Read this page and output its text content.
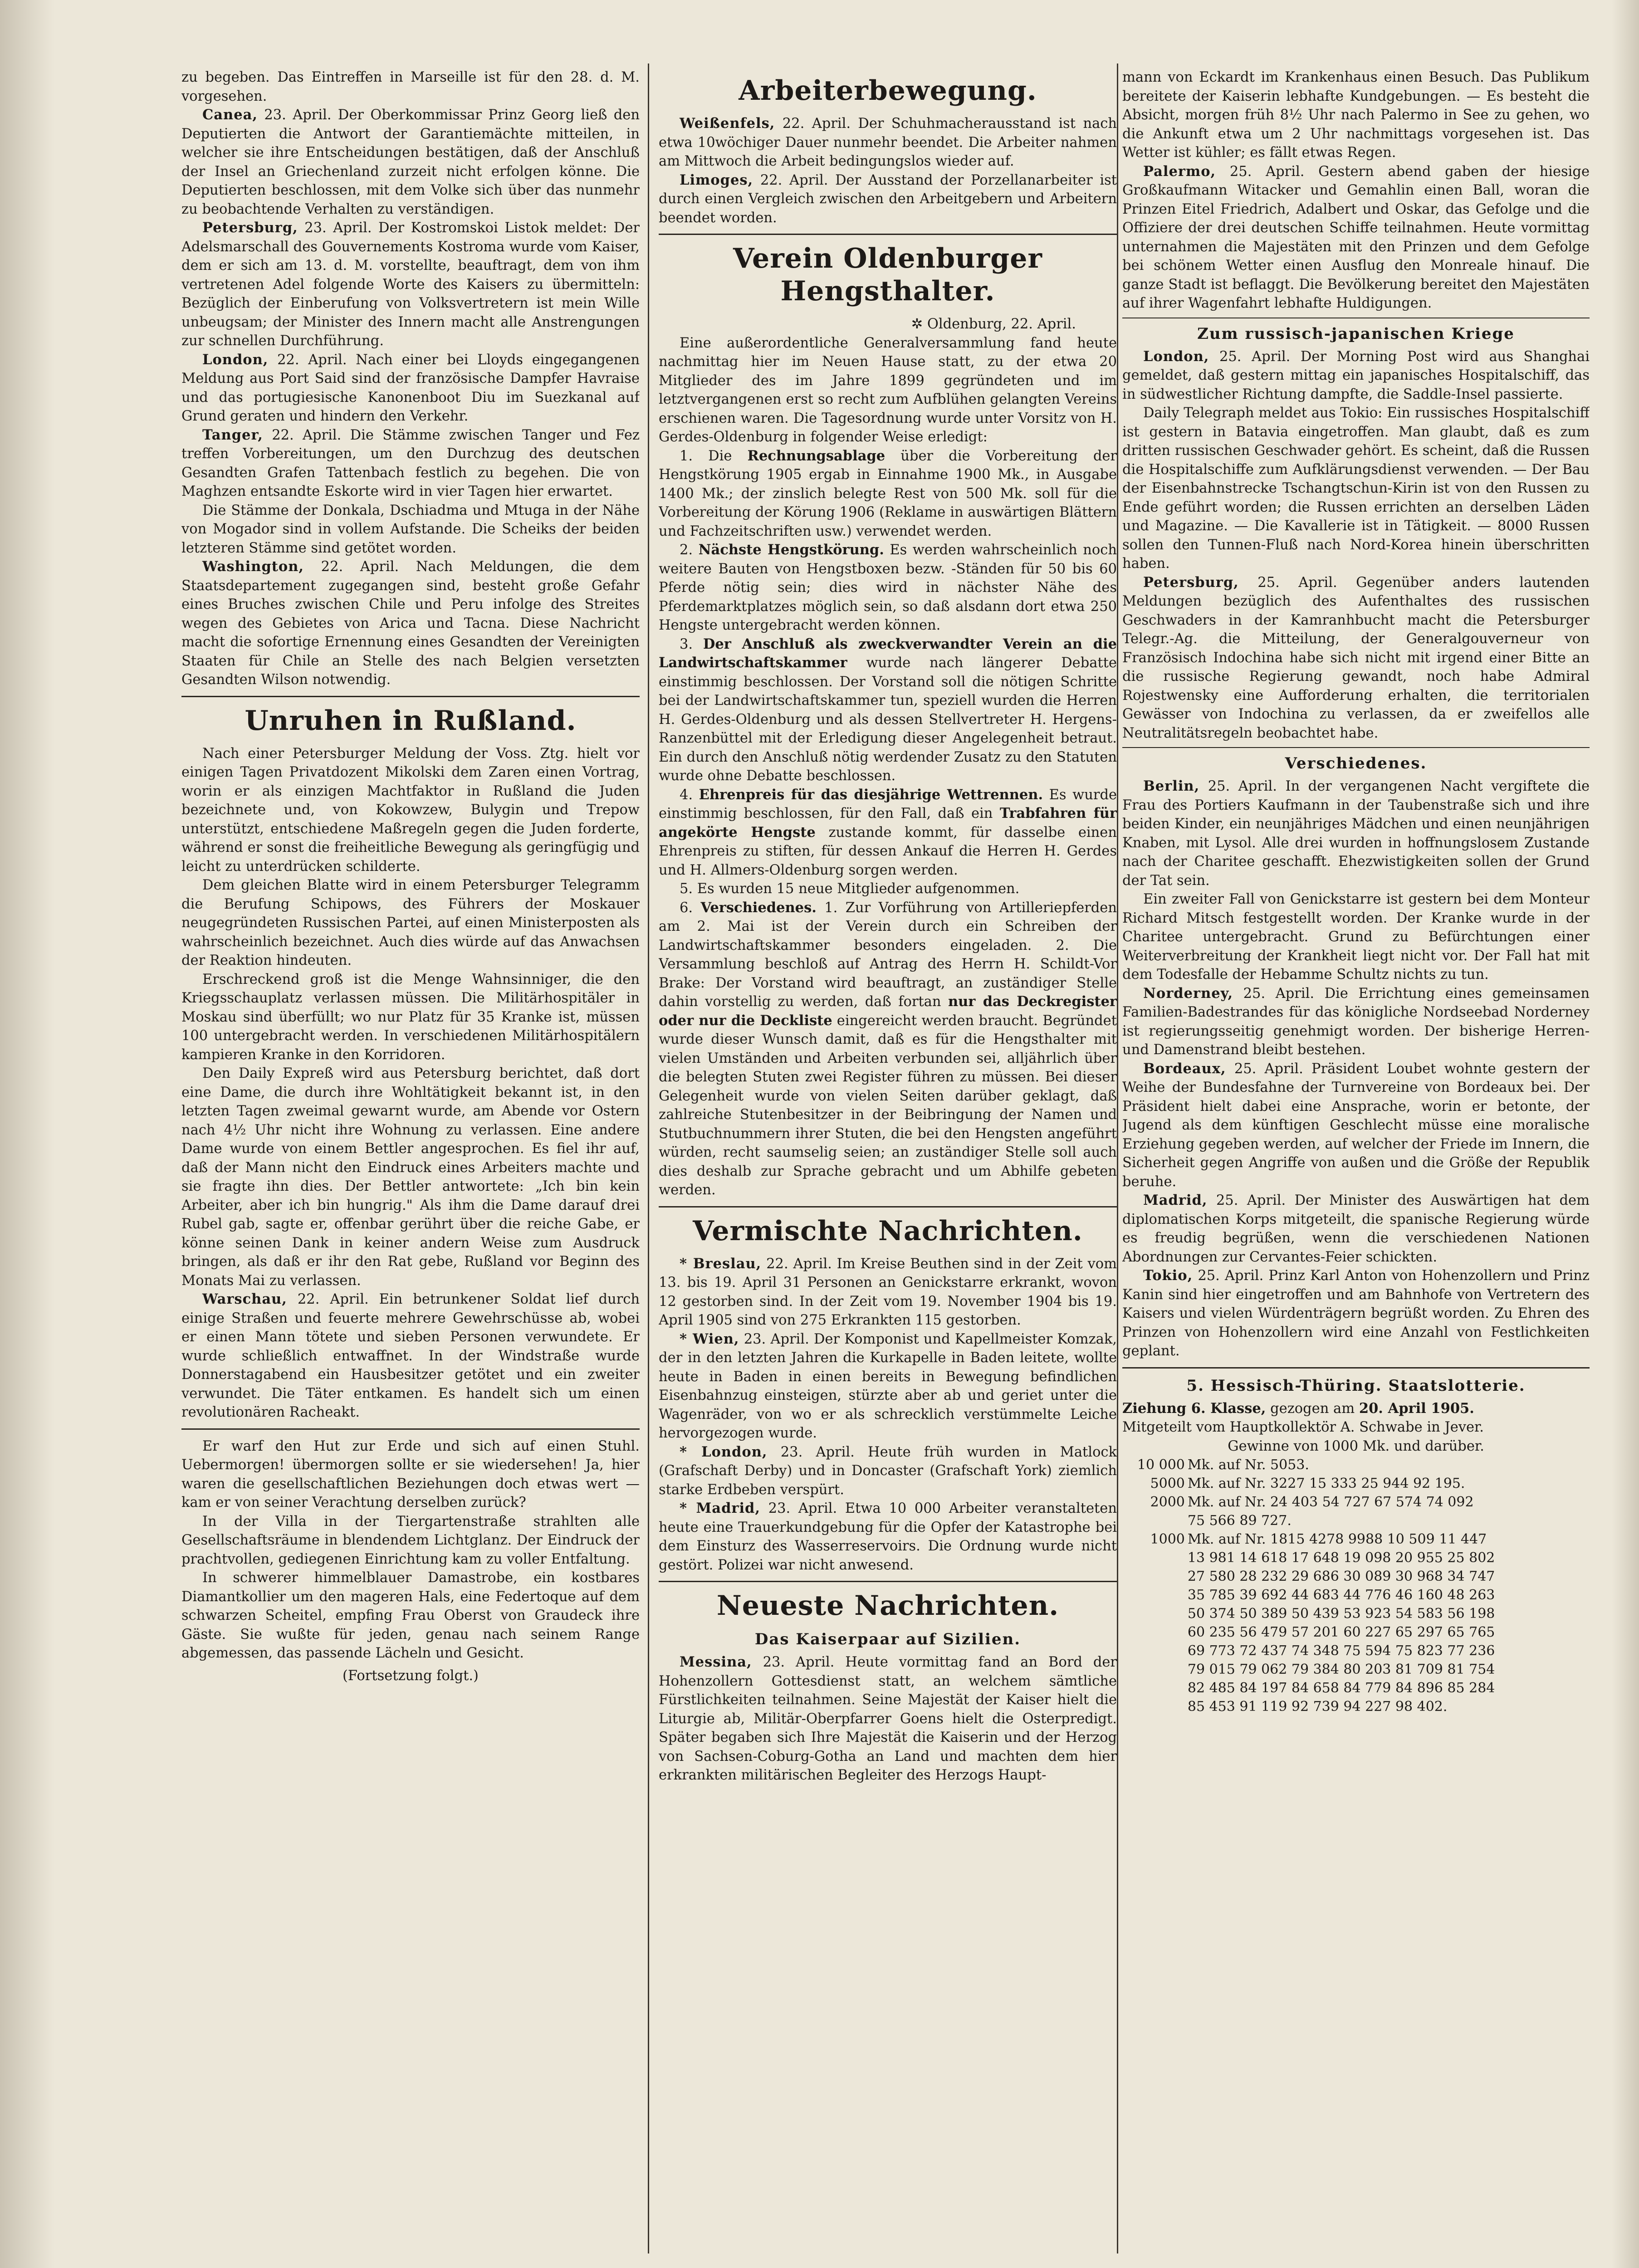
zu begeben. Das Eintreffen in Marseille ist für den 28. d. M. vorgesehen.

Canea, 23. April. Der Oberkommissar Prinz Georg ließ den Deputierten die Antwort der Garantiemächte mitteilen, in welcher sie ihre Entscheidungen bestätigen, daß der Anschluß der Insel an Griechenland zurzeit nicht erfolgen könne. Die Deputierten beschlossen, mit dem Volke sich über das nunmehr zu beobachtende Verhalten zu verständigen.

Petersburg, 23. April. Der Kostromskoi Listok meldet: Der Adelsmarschall des Gouvernements Kostroma wurde vom Kaiser, dem er sich am 13. d. M. vorstellte, beauftragt, dem von ihm vertretenen Adel folgende Worte des Kaisers zu übermitteln: Bezüglich der Einberufung von Volksvertretern ist mein Wille unbeugsam; der Minister des Innern macht alle Anstrengungen zur schnellen Durchführung.

London, 22. April. Nach einer bei Lloyds eingegangenen Meldung aus Port Said sind der französische Dampfer Havraise und das portugiesische Kanonenboot Diu im Suezkanal auf Grund geraten und hindern den Verkehr.

Tanger, 22. April. Die Stämme zwischen Tanger und Fez treffen Vorbereitungen, um den Durchzug des deutschen Gesandten Grafen Tattenbach festlich zu begehen. Die von Maghzen entsandte Eskorte wird in vier Tagen hier erwartet.

Die Stämme der Donkala, Dschiadma und Mtuga in der Nähe von Mogador sind in vollem Aufstande. Die Scheiks der beiden letzteren Stämme sind getötet worden.

Washington, 22. April. Nach Meldungen, die dem Staatsdepartement zugegangen sind, besteht große Gefahr eines Bruches zwischen Chile und Peru infolge des Streites wegen des Gebietes von Arica und Tacna. Diese Nachricht macht die sofortige Ernennung eines Gesandten der Vereinigten Staaten für Chile an Stelle des nach Belgien versetzten Gesandten Wilson notwendig.

Unruhen in Rußland.

Nach einer Petersburger Meldung der Voss. Ztg. hielt vor einigen Tagen Privatdozent Mikolski dem Zaren einen Vortrag, worin er als einzigen Machtfaktor in Rußland die Juden bezeichnete und, von Kokowzew, Bulygin und Trepow unterstützt, entschiedene Maßregeln gegen die Juden forderte, während er sonst die freiheitliche Bewegung als geringfügig und leicht zu unterdrücken schilderte.

Dem gleichen Blatte wird in einem Petersburger Telegramm die Berufung Schipows, des Führers der Moskauer neugegründeten Russischen Partei, auf einen Ministerposten als wahrscheinlich bezeichnet. Auch dies würde auf das Anwachsen der Reaktion hindeuten.

Erschreckend groß ist die Menge Wahnsinniger, die den Kriegsschauplatz verlassen müssen. Die Militärhospitäler in Moskau sind überfüllt; wo nur Platz für 35 Kranke ist, müssen 100 untergebracht werden. In verschiedenen Militärhospitälern kampieren Kranke in den Korridoren.

Den Daily Expreß wird aus Petersburg berichtet, daß dort eine Dame, die durch ihre Wohltätigkeit bekannt ist, in den letzten Tagen zweimal gewarnt wurde, am Abende vor Ostern nach 4½ Uhr nicht ihre Wohnung zu verlassen. Eine andere Dame wurde von einem Bettler angesprochen. Es fiel ihr auf, daß der Mann nicht den Eindruck eines Arbeiters machte und sie fragte ihn dies. Der Bettler antwortete: „Ich bin kein Arbeiter, aber ich bin hungrig." Als ihm die Dame darauf drei Rubel gab, sagte er, offenbar gerührt über die reiche Gabe, er könne seinen Dank in keiner andern Weise zum Ausdruck bringen, als daß er ihr den Rat gebe, Rußland vor Beginn des Monats Mai zu verlassen.

Warschau, 22. April. Ein betrunkener Soldat lief durch einige Straßen und feuerte mehrere Gewehrschüsse ab, wobei er einen Mann tötete und sieben Personen verwundete. Er wurde schließlich entwaffnet. In der Windstraße wurde Donnerstagabend ein Hausbesitzer getötet und ein zweiter verwundet. Die Täter entkamen. Es handelt sich um einen revolutionären Racheakt.

Er warf den Hut zur Erde und sich auf einen Stuhl. Uebermorgen! übermorgen sollte er sie wiedersehen! Ja, hier waren die gesellschaftlichen Beziehungen doch etwas wert — kam er von seiner Verachtung derselben zurück?

In der Villa in der Tiergartenstraße strahlten alle Gesellschaftsräume in blendendem Lichtglanz. Der Eindruck der prachtvollen, gediegenen Einrichtung kam zu voller Entfaltung.

In schwerer himmelblauer Damastrobe, ein kostbares Diamantkollier um den mageren Hals, eine Federtoque auf dem schwarzen Scheitel, empfing Frau Oberst von Graudeck ihre Gäste. Sie wußte für jeden, genau nach seinem Range abgemessen, das passende Lächeln und Gesicht.

(Fortsetzung folgt.)
Arbeiterbewegung.

Weißenfels, 22. April. Der Schuhmacherausstand ist nach etwa 10wöchiger Dauer nunmehr beendet. Die Arbeiter nahmen am Mittwoch die Arbeit bedingungslos wieder auf.

Limoges, 22. April. Der Ausstand der Porzellanarbeiter ist durch einen Vergleich zwischen den Arbeitgebern und Arbeitern beendet worden.

Verein Oldenburger Hengsthalter.
✲ Oldenburg, 22. April.

Eine außerordentliche Generalversammlung fand heute nachmittag hier im Neuen Hause statt, zu der etwa 20 Mitglieder des im Jahre 1899 gegründeten und im letztvergangenen erst so recht zum Aufblühen gelangten Vereins erschienen waren. Die Tagesordnung wurde unter Vorsitz von H. Gerdes-Oldenburg in folgender Weise erledigt:

1. Die Rechnungsablage über die Vorbereitung der Hengstkörung 1905 ergab in Einnahme 1900 Mk., in Ausgabe 1400 Mk.; der zinslich belegte Rest von 500 Mk. soll für die Vorbereitung der Körung 1906 (Reklame in auswärtigen Blättern und Fachzeitschriften usw.) verwendet werden.

2. Nächste Hengstkörung. Es werden wahrscheinlich noch weitere Bauten von Hengstboxen bezw. -Ständen für 50 bis 60 Pferde nötig sein; dies wird in nächster Nähe des Pferdemarktplatzes möglich sein, so daß alsdann dort etwa 250 Hengste untergebracht werden können.

3. Der Anschluß als zweckverwandter Verein an die Landwirtschaftskammer wurde nach längerer Debatte einstimmig beschlossen. Der Vorstand soll die nötigen Schritte bei der Landwirtschaftskammer tun, speziell wurden die Herren H. Gerdes-Oldenburg und als dessen Stellvertreter H. Hergens-Ranzenbüttel mit der Erledigung dieser Angelegenheit betraut. Ein durch den Anschluß nötig werdender Zusatz zu den Statuten wurde ohne Debatte beschlossen.

4. Ehrenpreis für das diesjährige Wettrennen. Es wurde einstimmig beschlossen, für den Fall, daß ein Trabfahren für angekörte Hengste zustande kommt, für dasselbe einen Ehrenpreis zu stiften, für dessen Ankauf die Herren H. Gerdes und H. Allmers-Oldenburg sorgen werden.

5. Es wurden 15 neue Mitglieder aufgenommen.

6. Verschiedenes. 1. Zur Vorführung von Artilleriepferden am 2. Mai ist der Verein durch ein Schreiben der Landwirtschaftskammer besonders eingeladen. 2. Die Versammlung beschloß auf Antrag des Herrn H. Schildt-Vor Brake: Der Vorstand wird beauftragt, an zuständiger Stelle dahin vorstellig zu werden, daß fortan nur das Deckregister oder nur die Deckliste eingereicht werden braucht. Begründet wurde dieser Wunsch damit, daß es für die Hengsthalter mit vielen Umständen und Arbeiten verbunden sei, alljährlich über die belegten Stuten zwei Register führen zu müssen. Bei dieser Gelegenheit wurde von vielen Seiten darüber geklagt, daß zahlreiche Stutenbesitzer in der Beibringung der Namen und Stutbuchnummern ihrer Stuten, die bei den Hengsten angeführt würden, recht saumselig seien; an zuständiger Stelle soll auch dies deshalb zur Sprache gebracht und um Abhilfe gebeten werden.

Vermischte Nachrichten.

* Breslau, 22. April. Im Kreise Beuthen sind in der Zeit vom 13. bis 19. April 31 Personen an Genickstarre erkrankt, wovon 12 gestorben sind. In der Zeit vom 19. November 1904 bis 19. April 1905 sind von 275 Erkrankten 115 gestorben.

* Wien, 23. April. Der Komponist und Kapellmeister Komzak, der in den letzten Jahren die Kurkapelle in Baden leitete, wollte heute in Baden in einen bereits in Bewegung befindlichen Eisenbahnzug einsteigen, stürzte aber ab und geriet unter die Wagenräder, von wo er als schrecklich verstümmelte Leiche hervorgezogen wurde.

* London, 23. April. Heute früh wurden in Matlock (Grafschaft Derby) und in Doncaster (Grafschaft York) ziemlich starke Erdbeben verspürt.

* Madrid, 23. April. Etwa 10 000 Arbeiter veranstalteten heute eine Trauerkundgebung für die Opfer der Katastrophe bei dem Einsturz des Wasserreservoirs. Die Ordnung wurde nicht gestört. Polizei war nicht anwesend.

Neueste Nachrichten.
Das Kaiserpaar auf Sizilien.

Messina, 23. April. Heute vormittag fand an Bord der Hohenzollern Gottesdienst statt, an welchem sämtliche Fürstlichkeiten teilnahmen. Seine Majestät der Kaiser hielt die Liturgie ab, Militär-Oberpfarrer Goens hielt die Osterpredigt. Später begaben sich Ihre Majestät die Kaiserin und der Herzog von Sachsen-Coburg-Gotha an Land und machten dem hier erkrankten militärischen Begleiter des Herzogs Haupt-

mann von Eckardt im Krankenhaus einen Besuch. Das Publikum bereitete der Kaiserin lebhafte Kundgebungen. — Es besteht die Absicht, morgen früh 8½ Uhr nach Palermo in See zu gehen, wo die Ankunft etwa um 2 Uhr nachmittags vorgesehen ist. Das Wetter ist kühler; es fällt etwas Regen.

Palermo, 25. April. Gestern abend gaben der hiesige Großkaufmann Witacker und Gemahlin einen Ball, woran die Prinzen Eitel Friedrich, Adalbert und Oskar, das Gefolge und die Offiziere der drei deutschen Schiffe teilnahmen. Heute vormittag unternahmen die Majestäten mit den Prinzen und dem Gefolge bei schönem Wetter einen Ausflug den Monreale hinauf. Die ganze Stadt ist beflaggt. Die Bevölkerung bereitet den Majestäten auf ihrer Wagenfahrt lebhafte Huldigungen.

Zum russisch-japanischen Kriege

London, 25. April. Der Morning Post wird aus Shanghai gemeldet, daß gestern mittag ein japanisches Hospitalschiff, das in südwestlicher Richtung dampfte, die Saddle-Insel passierte.

Daily Telegraph meldet aus Tokio: Ein russisches Hospitalschiff ist gestern in Batavia eingetroffen. Man glaubt, daß es zum dritten russischen Geschwader gehört. Es scheint, daß die Russen die Hospitalschiffe zum Aufklärungsdienst verwenden. — Der Bau der Eisenbahnstrecke Tschangtschun-Kirin ist von den Russen zu Ende geführt worden; die Russen errichten an derselben Läden und Magazine. — Die Kavallerie ist in Tätigkeit. — 8000 Russen sollen den Tunnen-Fluß nach Nord-Korea hinein überschritten haben.

Petersburg, 25. April. Gegenüber anders lautenden Meldungen bezüglich des Aufenthaltes des russischen Geschwaders in der Kamranhbucht macht die Petersburger Telegr.-Ag. die Mitteilung, der Generalgouverneur von Französisch Indochina habe sich nicht mit irgend einer Bitte an die russische Regierung gewandt, noch habe Admiral Rojestwensky eine Aufforderung erhalten, die territorialen Gewässer von Indochina zu verlassen, da er zweifellos alle Neutralitätsregeln beobachtet habe.

Verschiedenes.

Berlin, 25. April. In der vergangenen Nacht vergiftete die Frau des Portiers Kaufmann in der Taubenstraße sich und ihre beiden Kinder, ein neunjähriges Mädchen und einen neunjährigen Knaben, mit Lysol. Alle drei wurden in hoffnungslosem Zustande nach der Charitee geschafft. Ehezwistigkeiten sollen der Grund der Tat sein.

Ein zweiter Fall von Genickstarre ist gestern bei dem Monteur Richard Mitsch festgestellt worden. Der Kranke wurde in der Charitee untergebracht. Grund zu Befürchtungen einer Weiterverbreitung der Krankheit liegt nicht vor. Der Fall hat mit dem Todesfalle der Hebamme Schultz nichts zu tun.

Norderney, 25. April. Die Errichtung eines gemeinsamen Familien-Badestrandes für das königliche Nordseebad Norderney ist regierungsseitig genehmigt worden. Der bisherige Herren- und Damenstrand bleibt bestehen.

Bordeaux, 25. April. Präsident Loubet wohnte gestern der Weihe der Bundesfahne der Turnvereine von Bordeaux bei. Der Präsident hielt dabei eine Ansprache, worin er betonte, der Jugend als dem künftigen Geschlecht müsse eine moralische Erziehung gegeben werden, auf welcher der Friede im Innern, die Sicherheit gegen Angriffe von außen und die Größe der Republik beruhe.

Madrid, 25. April. Der Minister des Auswärtigen hat dem diplomatischen Korps mitgeteilt, die spanische Regierung würde es freudig begrüßen, wenn die verschiedenen Nationen Abordnungen zur Cervantes-Feier schickten.

Tokio, 25. April. Prinz Karl Anton von Hohenzollern und Prinz Kanin sind hier eingetroffen und am Bahnhofe von Vertretern des Kaisers und vielen Würdenträgern begrüßt worden. Zu Ehren des Prinzen von Hohenzollern wird eine Anzahl von Festlichkeiten geplant.

5. Hessisch-Thüring. Staatslotterie.

Ziehung 6. Klasse, gezogen am 20. April 1905.

Mitgeteilt vom Hauptkollektör A. Schwabe in Jever.

Gewinne von 1000 Mk. und darüber.
10 000	Mk. auf Nr. 5053.
5000	Mk. auf Nr. 3227 15 333 25 944 92 195.
2000	Mk. auf Nr. 24 403 54 727 67 574 74 092
	75 566 89 727.
1000	Mk. auf Nr. 1815 4278 9988 10 509 11 447
	13 981 14 618 17 648 19 098 20 955 25 802
	27 580 28 232 29 686 30 089 30 968 34 747
	35 785 39 692 44 683 44 776 46 160 48 263
	50 374 50 389 50 439 53 923 54 583 56 198
	60 235 56 479 57 201 60 227 65 297 65 765
	69 773 72 437 74 348 75 594 75 823 77 236
	79 015 79 062 79 384 80 203 81 709 81 754
	82 485 84 197 84 658 84 779 84 896 85 284
	85 453 91 119 92 739 94 227 98 402.
